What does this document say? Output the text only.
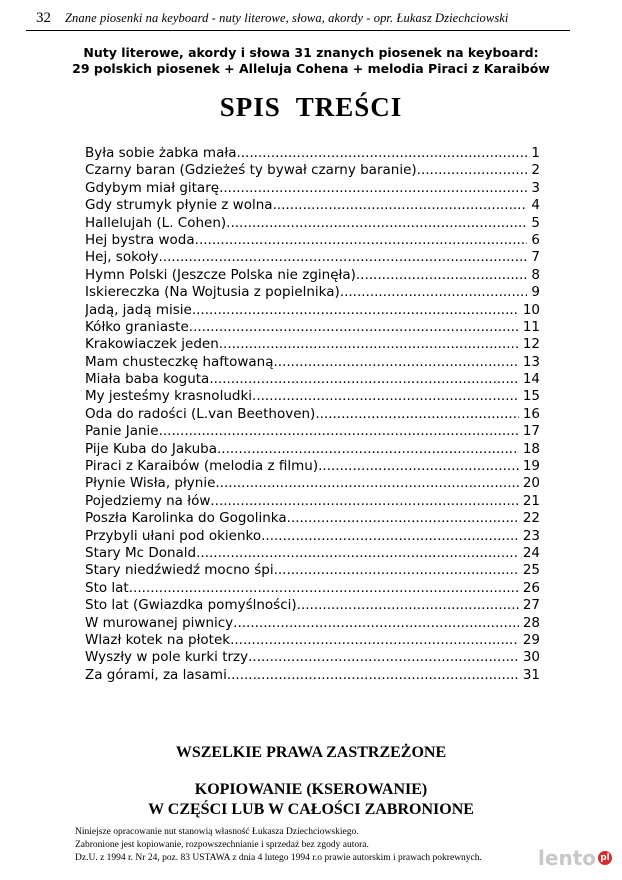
32 Znane piosenki na keyboard - nuty literowe, słowa, akordy - opr. Łukasz Dziechciowski
Nuty literowe, akordy i słowa 31 znanych piosenek na keyboard:
29 polskich piosenek + Alleluja Cohena + melodia Piraci z Karaibów
SPIS  TREŚCI
Była sobie żabka mała .....	1
Czarny baran (Gdzieżeś ty bywał czarny baranie) .....	2
Gdybym miał gitarę .....	3
Gdy strumyk płynie z wolna .....	4
Hallelujah (L. Cohen) .....	5
Hej bystra woda .....	6
Hej, sokoły .....	7
Hymn Polski (Jeszcze Polska nie zginęła) .....	8
Iskiereczka (Na Wojtusia z popielnika) .....	9
Jadą, jadą misie .....	10
Kółko graniaste .....	11
Krakowiaczek jeden .....	12
Mam chusteczkę haftowaną .....	13
Miała baba koguta .....	14
My jesteśmy krasnoludki .....	15
Oda do radości (L.van Beethoven) .....	16
Panie Janie .....	17
Pije Kuba do Jakuba .....	18
Piraci z Karaibów (melodia z filmu) .....	19
Płynie Wisła, płynie .....	20
Pojedziemy na łów .....	21
Poszła Karolinka do Gogolinka .....	22
Przybyli ułani pod okienko .....	23
Stary Mc Donald .....	24
Stary niedźwiedź mocno śpi .....	25
Sto lat .....	26
Sto lat (Gwiazdka pomyślności) .....	27
W murowanej piwnicy .....	28
Wlazł kotek na płotek .....	29
Wyszły w pole kurki trzy .....	30
Za górami, za lasami .....	31
WSZELKIE PRAWA ZASTRZEŻONE
KOPIOWANIE (KSEROWANIE)
W CZĘŚCI LUB W CAŁOŚCI ZABRONIONE
Niniejsze opracowanie nut stanowią własność Łukasza Dziechciowskiego.
Zabronione jest kopiowanie, rozpowszechnianie i sprzedaż bez zgody autora.
Dz.U. z 1994 r. Nr 24, poz. 83 USTAWA z dnia 4 lutego 1994 r.o prawie autorskim i prawach pokrewnych.	lento pl
